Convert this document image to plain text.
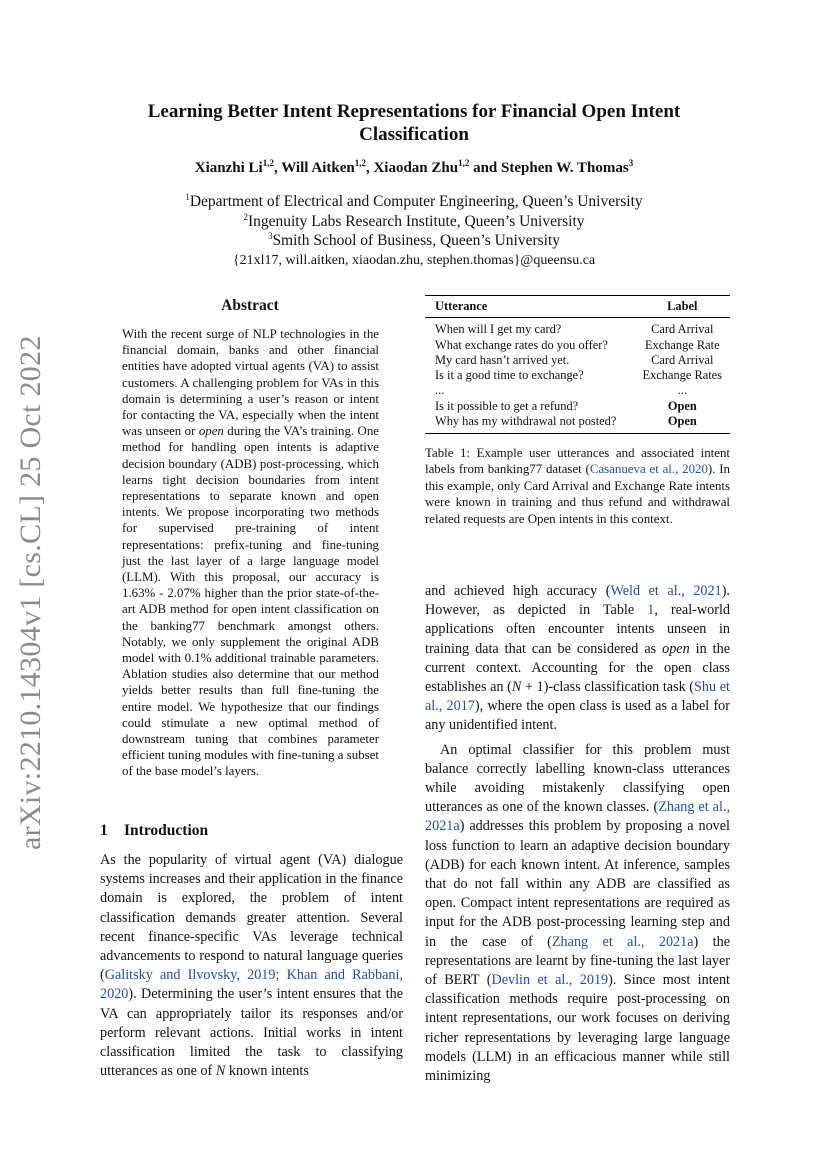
arXiv:2210.14304v1 [cs.CL] 25 Oct 2022
Learning Better Intent Representations for Financial Open Intent Classification
Xianzhi Li$^{1,2}$, Will Aitken$^{1,2}$, Xiaodan Zhu$^{1,2}$ and Stephen W. Thomas$^3$
$^1$Department of Electrical and Computer Engineering, Queen’s University
$^2$Ingenuity Labs Research Institute, Queen’s University
$^3$Smith School of Business, Queen’s University
{21xl17, will.aitken, xiaodan.zhu, stephen.thomas}@queensu.ca
Abstract
With the recent surge of NLP technologies in the financial domain, banks and other financial entities have adopted virtual agents (VA) to assist customers. A challenging problem for VAs in this domain is determining a user’s reason or intent for contacting the VA, especially when the intent was unseen or open during the VA’s training. One method for handling open intents is adaptive decision boundary (ADB) post-processing, which learns tight decision boundaries from intent representations to separate known and open intents. We propose incorporating two methods for supervised pre-training of intent representations: prefix-tuning and fine-tuning just the last layer of a large language model (LLM). With this proposal, our accuracy is 1.63% - 2.07% higher than the prior state-of-the-art ADB method for open intent classification on the banking77 benchmark amongst others. Notably, we only supplement the original ADB model with 0.1% additional trainable parameters. Ablation studies also determine that our method yields better results than full fine-tuning the entire model. We hypothesize that our findings could stimulate a new optimal method of downstream tuning that combines parameter efficient tuning modules with fine-tuning a subset of the base model’s layers.
1 Introduction
As the popularity of virtual agent (VA) dialogue systems increases and their application in the finance domain is explored, the problem of intent classification demands greater attention. Several recent finance-specific VAs leverage technical advancements to respond to natural language queries (Galitsky and Ilvovsky, 2019; Khan and Rabbani, 2020). Determining the user’s intent ensures that the VA can appropriately tailor its responses and/or perform relevant actions. Initial works in intent classification limited the task to classifying utterances as one of N known intents
Utterance	Label
When will I get my card?	Card Arrival
What exchange rates do you offer?	Exchange Rate
My card hasn’t arrived yet.	Card Arrival
Is it a good time to exchange?	Exchange Rates
...	...
Is it possible to get a refund?	Open
Why has my withdrawal not posted?	Open
Table 1: Example user utterances and associated intent labels from banking77 dataset (Casanueva et al., 2020). In this example, only Card Arrival and Exchange Rate intents were known in training and thus refund and withdrawal related requests are Open intents in this context.

and achieved high accuracy (Weld et al., 2021). However, as depicted in Table 1, real-world applications often encounter intents unseen in training data that can be considered as open in the current context. Accounting for the open class establishes an (N + 1)-class classification task (Shu et al., 2017), where the open class is used as a label for any unidentified intent.

An optimal classifier for this problem must balance correctly labelling known-class utterances while avoiding mistakenly classifying open utterances as one of the known classes. (Zhang et al., 2021a) addresses this problem by proposing a novel loss function to learn an adaptive decision boundary (ADB) for each known intent. At inference, samples that do not fall within any ADB are classified as open. Compact intent representations are required as input for the ADB post-processing learning step and in the case of (Zhang et al., 2021a) the representations are learnt by fine-tuning the last layer of BERT (Devlin et al., 2019). Since most intent classification methods require post-processing on intent representations, our work focuses on deriving richer representations by leveraging large language models (LLM) in an efficacious manner while still minimizing
